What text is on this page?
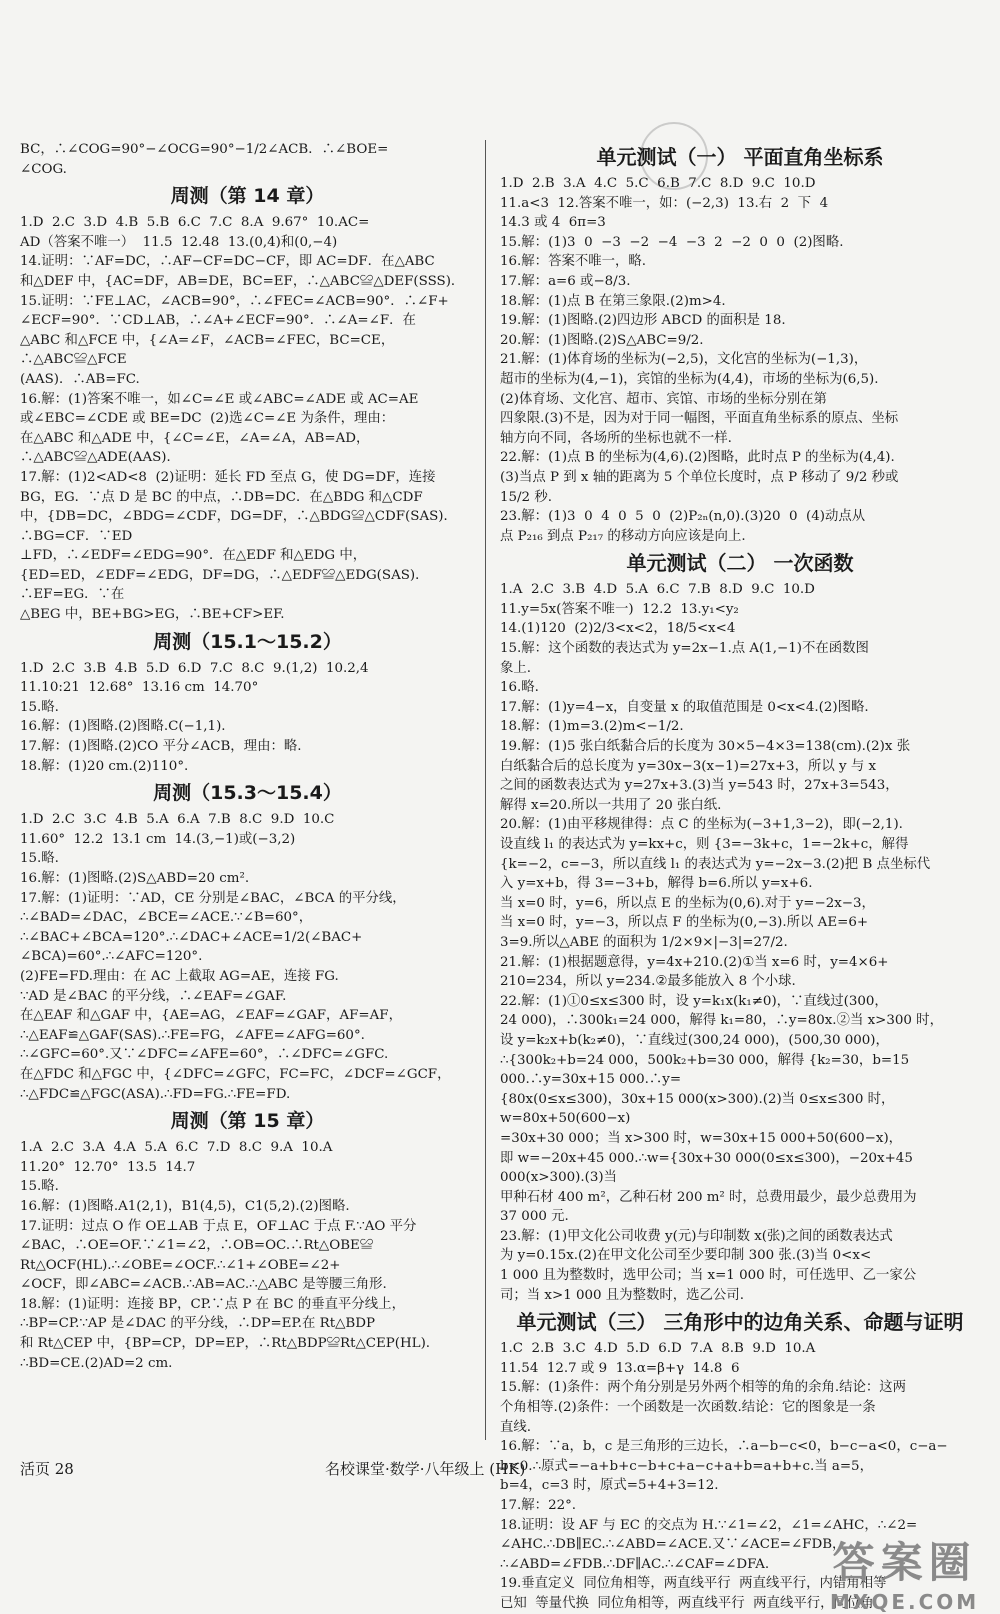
BC，∴∠COG=90°−∠OCG=90°−1/2∠ACB．∴∠BOE=
∠COG.
周测（第 14 章）
1.D  2.C  3.D  4.B  5.B  6.C  7.C  8.A  9.67°  10.AC=
AD（答案不唯一）  11.5  12.48  13.(0,4)和(0,−4)
14.证明：∵AF=DC，∴AF−CF=DC−CF，即 AC=DF．在△ABC
和△DEF 中，{AC=DF，AB=DE，BC=EF，∴△ABC≌△DEF(SSS)．
15.证明：∵FE⊥AC，∠ACB=90°，∴∠FEC=∠ACB=90°．∴∠F+
∠ECF=90°．∵CD⊥AB，∴∠A+∠ECF=90°．∴∠A=∠F．在
△ABC 和△FCE 中，{∠A=∠F，∠ACB=∠FEC，BC=CE，∴△ABC≌△FCE
(AAS)．∴AB=FC.
16.解：(1)答案不唯一，如∠C=∠E 或∠ABC=∠ADE 或 AC=AE
或∠EBC=∠CDE 或 BE=DC  (2)选∠C=∠E 为条件，理由：
在△ABC 和△ADE 中，{∠C=∠E，∠A=∠A，AB=AD，∴△ABC≌△ADE(AAS)．
17.解：(1)2<AD<8  (2)证明：延长 FD 至点 G，使 DG=DF，连接
BG，EG．∵点 D 是 BC 的中点，∴DB=DC．在△BDG 和△CDF
中，{DB=DC，∠BDG=∠CDF，DG=DF，∴△BDG≌△CDF(SAS)．∴BG=CF．∵ED
⊥FD，∴∠EDF=∠EDG=90°．在△EDF 和△EDG 中，
{ED=ED，∠EDF=∠EDG，DF=DG，∴△EDF≌△EDG(SAS)．∴EF=EG．∵在
△BEG 中，BE+BG>EG，∴BE+CF>EF.
周测（15.1～15.2）
1.D  2.C  3.B  4.B  5.D  6.D  7.C  8.C  9.(1,2)  10.2,4
11.10:21  12.68°  13.16 cm  14.70°
15.略.
16.解：(1)图略.(2)图略.C(−1,1).
17.解：(1)图略.(2)CO 平分∠ACB，理由：略.
18.解：(1)20 cm.(2)110°.
周测（15.3～15.4）
1.D  2.C  3.C  4.B  5.A  6.A  7.B  8.C  9.D  10.C
11.60°  12.2  13.1 cm  14.(3,−1)或(−3,2)
15.略.
16.解：(1)图略.(2)S△ABD=20 cm².
17.解：(1)证明：∵AD，CE 分别是∠BAC，∠BCA 的平分线，
∴∠BAD=∠DAC，∠BCE=∠ACE.∵∠B=60°，
∴∠BAC+∠BCA=120°.∴∠DAC+∠ACE=1/2(∠BAC+
∠BCA)=60°.∴∠AFC=120°.
(2)FE=FD.理由：在 AC 上截取 AG=AE，连接 FG.
∵AD 是∠BAC 的平分线，∴∠EAF=∠GAF.
在△EAF 和△GAF 中，{AE=AG，∠EAF=∠GAF，AF=AF，
∴△EAF≌△GAF(SAS).∴FE=FG，∠AFE=∠AFG=60°.
∴∠GFC=60°.又∵∠DFC=∠AFE=60°，∴∠DFC=∠GFC.
在△FDC 和△FGC 中，{∠DFC=∠GFC，FC=FC，∠DCF=∠GCF，
∴△FDC≌△FGC(ASA).∴FD=FG.∴FE=FD.
周测（第 15 章）
1.A  2.C  3.A  4.A  5.A  6.C  7.D  8.C  9.A  10.A
11.20°  12.70°  13.5  14.7
15.略.
16.解：(1)图略.A1(2,1)，B1(4,5)，C1(5,2).(2)图略.
17.证明：过点 O 作 OE⊥AB 于点 E，OF⊥AC 于点 F.∵AO 平分
∠BAC，∴OE=OF.∵∠1=∠2，∴OB=OC.∴Rt△OBE≌
Rt△OCF(HL).∴∠OBE=∠OCF.∴∠1+∠OBE=∠2+
∠OCF，即∠ABC=∠ACB.∴AB=AC.∴△ABC 是等腰三角形.
18.解：(1)证明：连接 BP，CP.∵点 P 在 BC 的垂直平分线上，
∴BP=CP.∵AP 是∠DAC 的平分线，∴DP=EP.在 Rt△BDP
和 Rt△CEP 中，{BP=CP，DP=EP，∴Rt△BDP≌Rt△CEP(HL).
∴BD=CE.(2)AD=2 cm.
单元测试（一） 平面直角坐标系
1.D  2.B  3.A  4.C  5.C  6.B  7.C  8.D  9.C  10.D
11.a<3  12.答案不唯一，如：(−2,3)  13.右  2  下  4
14.3 或 4  6π=3
15.解：(1)3  0  −3  −2  −4  −3  2  −2  0  0  (2)图略.
16.解：答案不唯一，略.
17.解：a=6 或−8/3.
18.解：(1)点 B 在第三象限.(2)m>4.
19.解：(1)图略.(2)四边形 ABCD 的面积是 18.
20.解：(1)图略.(2)S△ABC=9/2.
21.解：(1)体育场的坐标为(−2,5)，文化宫的坐标为(−1,3)，
超市的坐标为(4,−1)，宾馆的坐标为(4,4)，市场的坐标为(6,5).
(2)体育场、文化宫、超市、宾馆、市场的坐标分别在第
四象限.(3)不是，因为对于同一幅图，平面直角坐标系的原点、坐标
轴方向不同，各场所的坐标也就不一样.
22.解：(1)点 B 的坐标为(4,6).(2)图略，此时点 P 的坐标为(4,4).
(3)当点 P 到 x 轴的距离为 5 个单位长度时，点 P 移动了 9/2 秒或
15/2 秒.
23.解：(1)3  0  4  0  5  0  (2)P₂ₙ(n,0).(3)20  0  (4)动点从
点 P₂₁₆ 到点 P₂₁₇ 的移动方向应该是向上.
单元测试（二） 一次函数
1.A  2.C  3.B  4.D  5.A  6.C  7.B  8.D  9.C  10.D
11.y=5x(答案不唯一)  12.2  13.y₁<y₂
14.(1)120  (2)2/3<x<2，18/5<x<4
15.解：这个函数的表达式为 y=2x−1.点 A(1,−1)不在函数图
象上.
16.略.
17.解：(1)y=4−x，自变量 x 的取值范围是 0<x<4.(2)图略.
18.解：(1)m=3.(2)m<−1/2.
19.解：(1)5 张白纸黏合后的长度为 30×5−4×3=138(cm).(2)x 张
白纸黏合后的总长度为 y=30x−3(x−1)=27x+3，所以 y 与 x
之间的函数表达式为 y=27x+3.(3)当 y=543 时，27x+3=543，
解得 x=20.所以一共用了 20 张白纸.
20.解：(1)由平移规律得：点 C 的坐标为(−3+1,3−2)，即(−2,1).
设直线 l₁ 的表达式为 y=kx+c，则 {3=−3k+c，1=−2k+c，解得
{k=−2，c=−3，所以直线 l₁ 的表达式为 y=−2x−3.(2)把 B 点坐标代
入 y=x+b，得 3=−3+b，解得 b=6.所以 y=x+6.
当 x=0 时，y=6，所以点 E 的坐标为(0,6).对于 y=−2x−3，
当 x=0 时，y=−3，所以点 F 的坐标为(0,−3).所以 AE=6+
3=9.所以△ABE 的面积为 1/2×9×|−3|=27/2.
21.解：(1)根据题意得，y=4x+210.(2)①当 x=6 时，y=4×6+
210=234，所以 y=234.②最多能放入 8 个小球.
22.解：(1)①0≤x≤300 时，设 y=k₁x(k₁≠0)，∵直线过(300，
24 000)，∴300k₁=24 000，解得 k₁=80，∴y=80x.②当 x>300 时，
设 y=k₂x+b(k₂≠0)，∵直线过(300,24 000)，(500,30 000)，
∴{300k₂+b=24 000，500k₂+b=30 000，解得 {k₂=30，b=15 000.∴y=30x+15 000.∴y=
{80x(0≤x≤300)，30x+15 000(x>300).(2)当 0≤x≤300 时，w=80x+50(600−x)
=30x+30 000；当 x>300 时，w=30x+15 000+50(600−x)，
即 w=−20x+45 000.∴w={30x+30 000(0≤x≤300)，−20x+45 000(x>300).(3)当
甲种石材 400 m²，乙种石材 200 m² 时，总费用最少，最少总费用为
37 000 元.
23.解：(1)甲文化公司收费 y(元)与印制数 x(张)之间的函数表达式
为 y=0.15x.(2)在甲文化公司至少要印制 300 张.(3)当 0<x<
1 000 且为整数时，选甲公司；当 x=1 000 时，可任选甲、乙一家公
司；当 x>1 000 且为整数时，选乙公司.
单元测试（三） 三角形中的边角关系、命题与证明
1.C  2.B  3.C  4.D  5.D  6.D  7.A  8.B  9.D  10.A
11.54  12.7 或 9  13.α=β+γ  14.8  6
15.解：(1)条件：两个角分别是另外两个相等的角的余角.结论：这两
个角相等.(2)条件：一个函数是一次函数.结论：它的图象是一条
直线.
16.解：∵a，b，c 是三角形的三边长，∴a−b−c<0，b−c−a<0，c−a−
b<0.∴原式=−a+b+c−b+c+a−c+a+b=a+b+c.当 a=5，
b=4，c=3 时，原式=5+4+3=12.
17.解：22°.
18.证明：设 AF 与 EC 的交点为 H.∵∠1=∠2，∠1=∠AHC，∴∠2=
∠AHC.∴DB∥EC.∴∠ABD=∠ACE.又∵∠ACE=∠FDB，
∴∠ABD=∠FDB.∴DF∥AC.∴∠CAF=∠DFA.
19.垂直定义  同位角相等，两直线平行  两直线平行，内错角相等
已知  等量代换  同位角相等，两直线平行  两直线平行，同位角
活页 28	名校课堂·数学·八年级上 (HK)
答案圈
MXQE.COM
